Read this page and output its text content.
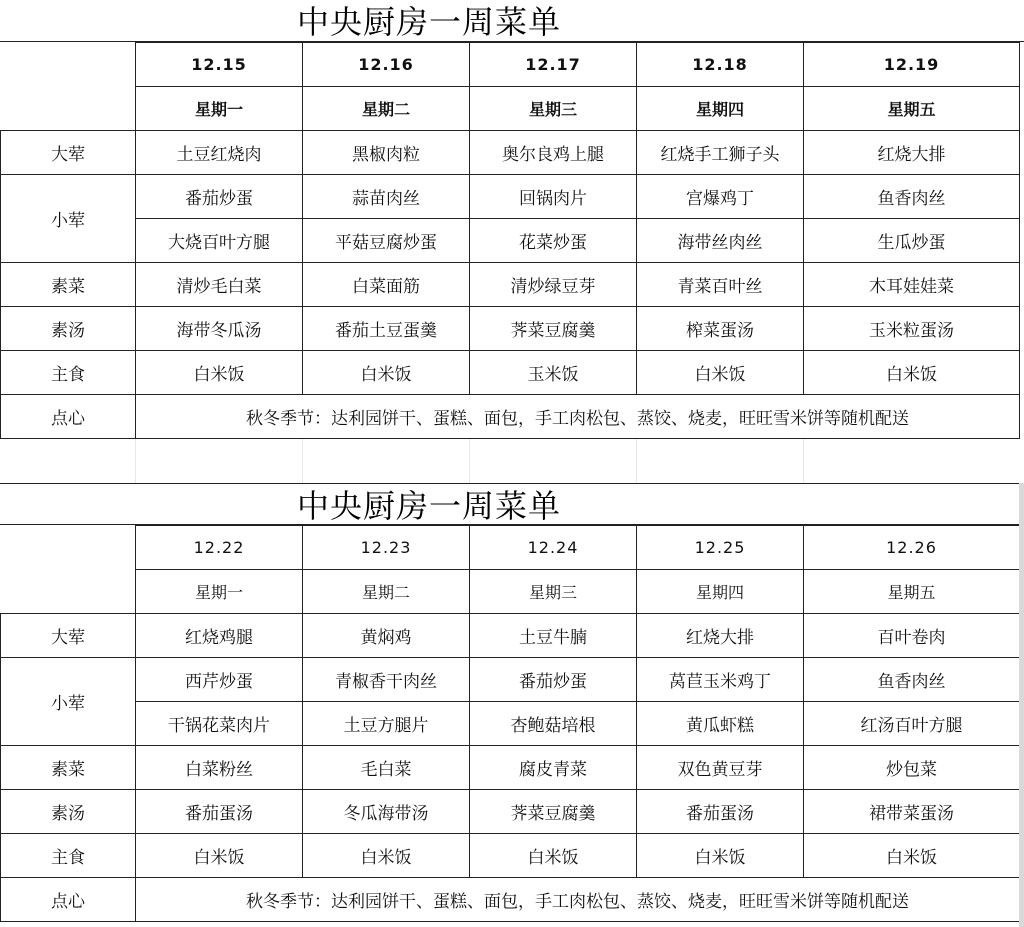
中央厨房一周菜单
	12.15	12.16	12.17	12.18	12.19
	星期一	星期二	星期三	星期四	星期五
大荤	土豆红烧肉	黑椒肉粒	奥尔良鸡上腿	红烧手工狮子头	红烧大排
小荤	番茄炒蛋	蒜苗肉丝	回锅肉片	宫爆鸡丁	鱼香肉丝
	大烧百叶方腿	平菇豆腐炒蛋	花菜炒蛋	海带丝肉丝	生瓜炒蛋
素菜	清炒毛白菜	白菜面筋	清炒绿豆芽	青菜百叶丝	木耳娃娃菜
素汤	海带冬瓜汤	番茄土豆蛋羹	荠菜豆腐羹	榨菜蛋汤	玉米粒蛋汤
主食	白米饭	白米饭	玉米饭	白米饭	白米饭
点心	秋冬季节：达利园饼干、蛋糕、面包，手工肉松包、蒸饺、烧麦，旺旺雪米饼等随机配送				
中央厨房一周菜单
	12.22	12.23	12.24	12.25	12.26
	星期一	星期二	星期三	星期四	星期五
大荤	红烧鸡腿	黄焖鸡	土豆牛腩	红烧大排	百叶卷肉
小荤	西芹炒蛋	青椒香干肉丝	番茄炒蛋	莴苣玉米鸡丁	鱼香肉丝
	干锅花菜肉片	土豆方腿片	杏鲍菇培根	黄瓜虾糕	红汤百叶方腿
素菜	白菜粉丝	毛白菜	腐皮青菜	双色黄豆芽	炒包菜
素汤	番茄蛋汤	冬瓜海带汤	荠菜豆腐羹	番茄蛋汤	裙带菜蛋汤
主食	白米饭	白米饭	白米饭	白米饭	白米饭
点心	秋冬季节：达利园饼干、蛋糕、面包，手工肉松包、蒸饺、烧麦，旺旺雪米饼等随机配送				
